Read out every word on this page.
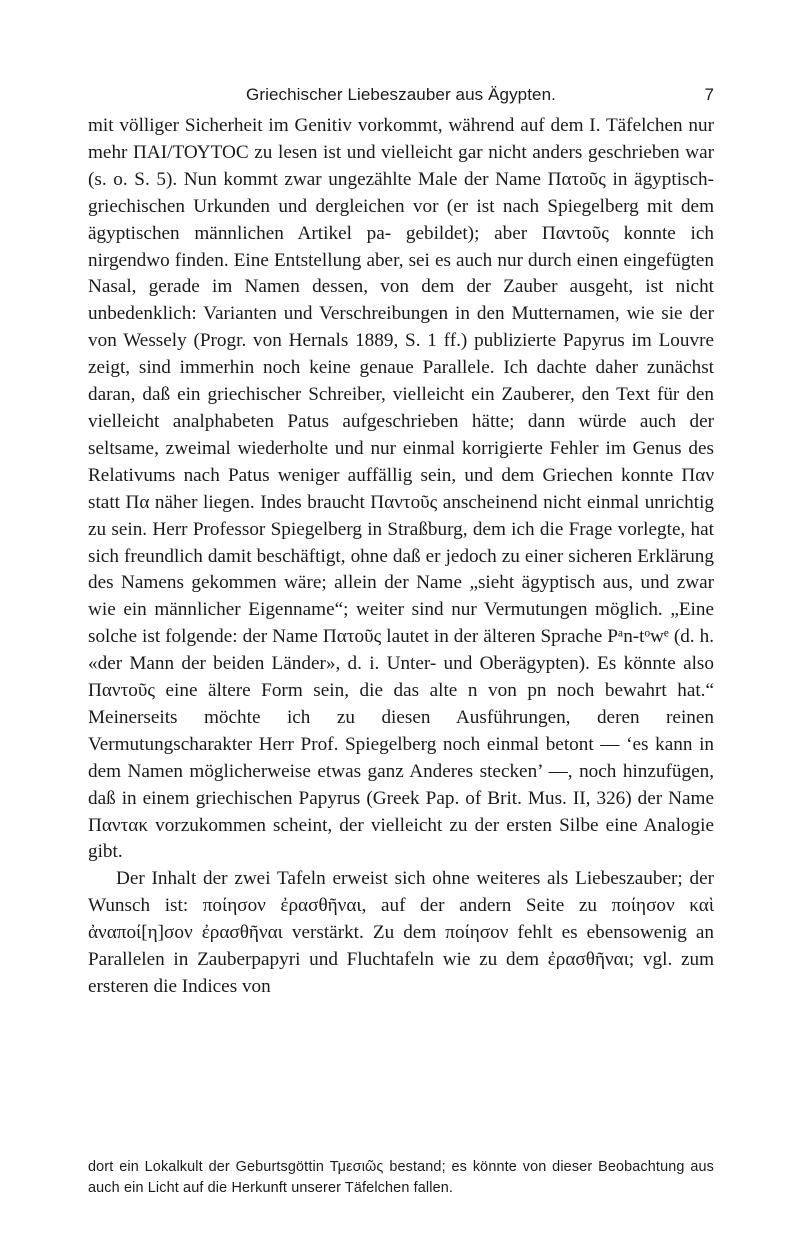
Griechischer Liebeszauber aus Ägypten.	7

mit völliger Sicherheit im Genitiv vorkommt, während auf dem I. Täfelchen nur mehr ΠΑΙ/ΤΟΥΤΟC zu lesen ist und vielleicht gar nicht anders geschrieben war (s. o. S. 5). Nun kommt zwar ungezählte Male der Name Πατοῦς in ägyptisch-griechischen Urkunden und dergleichen vor (er ist nach Spiegelberg mit dem ägyptischen männlichen Artikel pa- gebildet); aber Παντοῦς konnte ich nirgendwo finden. Eine Entstellung aber, sei es auch nur durch einen eingefügten Nasal, gerade im Namen dessen, von dem der Zauber ausgeht, ist nicht unbedenklich: Varianten und Verschreibungen in den Mutternamen, wie sie der von Wessely (Progr. von Hernals 1889, S. 1 ff.) publizierte Papyrus im Louvre zeigt, sind immerhin noch keine genaue Parallele. Ich dachte daher zunächst daran, daß ein griechischer Schreiber, vielleicht ein Zauberer, den Text für den vielleicht analphabeten Patus aufgeschrieben hätte; dann würde auch der seltsame, zweimal wiederholte und nur einmal korrigierte Fehler im Genus des Relativums nach Patus weniger auffällig sein, und dem Griechen konnte Παν statt Πα näher liegen. Indes braucht Παντοῦς anscheinend nicht einmal unrichtig zu sein. Herr Professor Spiegelberg in Straßburg, dem ich die Frage vorlegte, hat sich freundlich damit beschäftigt, ohne daß er jedoch zu einer sicheren Erklärung des Namens gekommen wäre; allein der Name „sieht ägyptisch aus, und zwar wie ein männlicher Eigenname“; weiter sind nur Vermutungen möglich. „Eine solche ist folgende: der Name Πατοῦς lautet in der älteren Sprache Pᵃn-tᵒwᵉ (d. h. «der Mann der beiden Länder», d. i. Unter- und Oberägypten). Es könnte also Παντοῦς eine ältere Form sein, die das alte n von pn noch bewahrt hat.“ Meinerseits möchte ich zu diesen Ausführungen, deren reinen Vermutungscharakter Herr Prof. Spiegelberg noch einmal betont — ‘es kann in dem Namen möglicherweise etwas ganz Anderes stecken’ —, noch hinzufügen, daß in einem griechischen Papyrus (Greek Pap. of Brit. Mus. II, 326) der Name Παντακ vorzukommen scheint, der vielleicht zu der ersten Silbe eine Analogie gibt.

Der Inhalt der zwei Tafeln erweist sich ohne weiteres als Liebeszauber; der Wunsch ist: ποίησον ἐρασθῆναι, auf der andern Seite zu ποίησον καὶ ἀναποί[η]σον ἐρασθῆναι verstärkt. Zu dem ποίησον fehlt es ebensowenig an Parallelen in Zauberpapyri und Fluchtafeln wie zu dem ἐρασθῆναι; vgl. zum ersteren die Indices von

dort ein Lokalkult der Geburtsgöttin Τμεσιῶς bestand; es könnte von dieser Beobachtung aus auch ein Licht auf die Herkunft unserer Täfelchen fallen.
